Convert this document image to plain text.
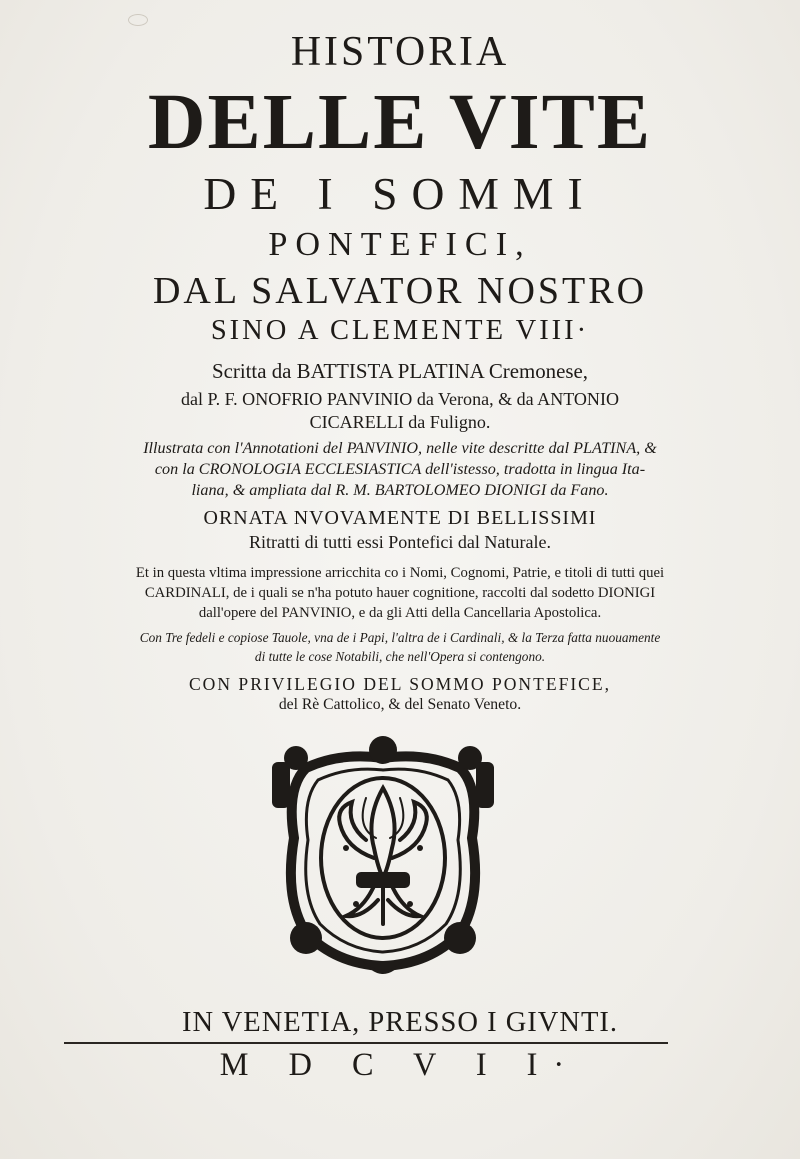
HISTORIA
DELLE VITE
DE I SOMMI
PONTEFICI,
DAL SALVATOR NOSTRO
SINO A CLEMENTE VIII·
Scritta da BATTISTA PLATINA Cremonese,
dal P. F. ONOFRIO PANVINIO da Verona, & da ANTONIO
CICARELLI da Fuligno.
Illustrata con l'Annotationi del PANVINIO, nelle vite descritte dal PLATINA, &
con la CRONOLOGIA ECCLESIASTICA dell'istesso, tradotta in lingua Ita-
liana, & ampliata dal R. M. BARTOLOMEO DIONIGI da Fano.
ORNATA NVOVAMENTE DI BELLISSIMI
Ritratti di tutti essi Pontefici dal Naturale.
Et in questa vltima impressione arricchita co i Nomi, Cognomi, Patrie, e titoli di tutti quei
CARDINALI, de i quali se n'ha potuto hauer cognitione, raccolti dal sodetto DIONIGI
dall'opere del PANVINIO, e da gli Atti della Cancellaria Apostolica.
Con Tre fedeli e copiose Tauole, vna de i Papi, l'altra de i Cardinali, & la Terza fatta nuouamente
di tutte le cose Notabili, che nell'Opera si contengono.
CON PRIVILEGIO DEL SOMMO PONTEFICE,
del Rè Cattolico, & del Senato Veneto.
IN VENETIA, PRESSO I GIVNTI.
M D C V I I·
